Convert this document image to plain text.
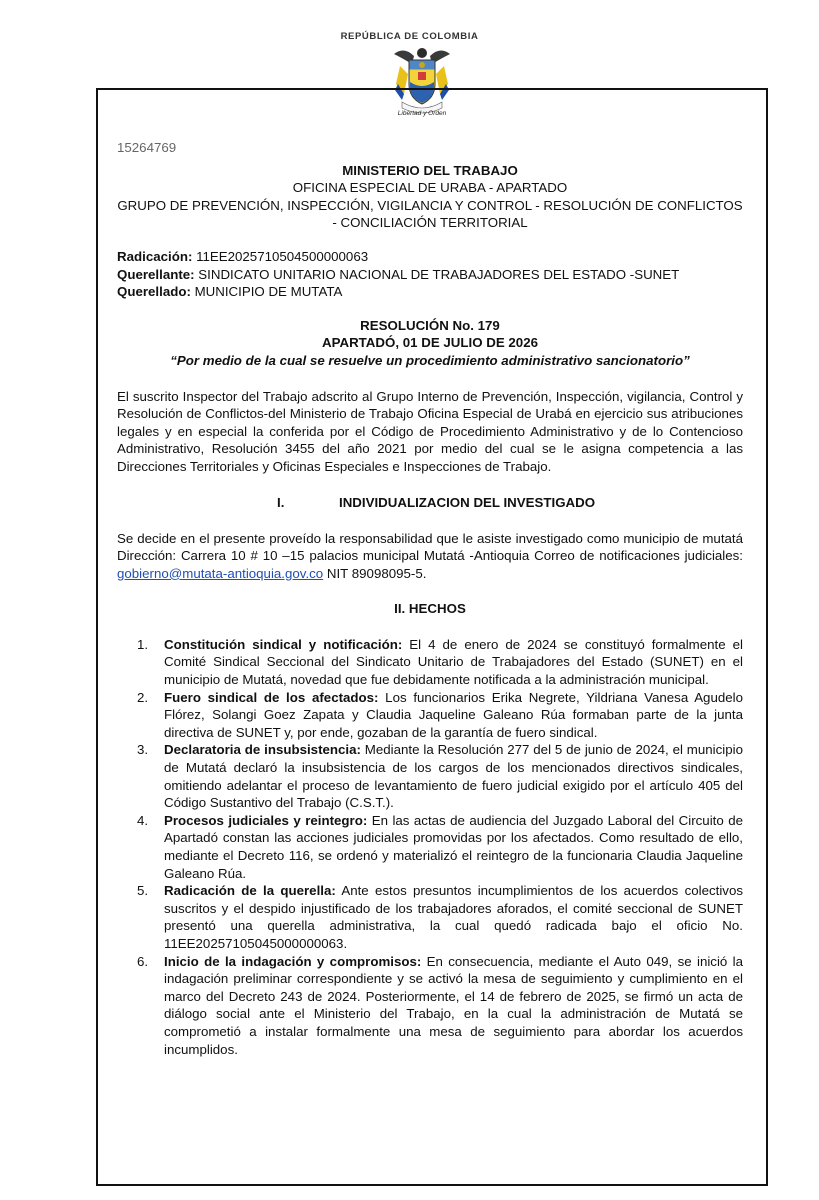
REPÚBLICA DE COLOMBIA
Libertad y Orden

15264769

MINISTERIO DEL TRABAJO

OFICINA ESPECIAL DE URABA - APARTADO

GRUPO DE PREVENCIÓN, INSPECCIÓN, VIGILANCIA Y CONTROL - RESOLUCIÓN DE CONFLICTOS - CONCILIACIÓN TERRITORIAL

Radicación: 11EE2025710504500000063

Querellante: SINDICATO UNITARIO NACIONAL DE TRABAJADORES DEL ESTADO -SUNET

Querellado: MUNICIPIO DE MUTATA

RESOLUCIÓN No. 179

APARTADÓ, 01 DE JULIO DE 2026

“Por medio de la cual se resuelve un procedimiento administrativo sancionatorio”

El suscrito Inspector del Trabajo adscrito al Grupo Interno de Prevención, Inspección, vigilancia, Control y Resolución de Conflictos-del Ministerio de Trabajo Oficina Especial de Urabá en ejercicio sus atribuciones legales y en especial la conferida por el Código de Procedimiento Administrativo y de lo Contencioso Administrativo, Resolución 3455 del año 2021 por medio del cual se le asigna competencia a las Direcciones Territoriales y Oficinas Especiales e Inspecciones de Trabajo.

I.	INDIVIDUALIZACION DEL INVESTIGADO

Se decide en el presente proveído la responsabilidad que le asiste investigado como municipio de mutatá Dirección: Carrera 10 # 10 –15 palacios municipal Mutatá -Antioquia Correo de notificaciones judiciales: gobierno@mutata-antioquia.gov.co NIT 89098095-5.

II. HECHOS

1. Constitución sindical y notificación: El 4 de enero de 2024 se constituyó formalmente el Comité Sindical Seccional del Sindicato Unitario de Trabajadores del Estado (SUNET) en el municipio de Mutatá, novedad que fue debidamente notificada a la administración municipal.
2. Fuero sindical de los afectados: Los funcionarios Erika Negrete, Yildriana Vanesa Agudelo Flórez, Solangi Goez Zapata y Claudia Jaqueline Galeano Rúa formaban parte de la junta directiva de SUNET y, por ende, gozaban de la garantía de fuero sindical.
3. Declaratoria de insubsistencia: Mediante la Resolución 277 del 5 de junio de 2024, el municipio de Mutatá declaró la insubsistencia de los cargos de los mencionados directivos sindicales, omitiendo adelantar el proceso de levantamiento de fuero judicial exigido por el artículo 405 del Código Sustantivo del Trabajo (C.S.T.).
4. Procesos judiciales y reintegro: En las actas de audiencia del Juzgado Laboral del Circuito de Apartadó constan las acciones judiciales promovidas por los afectados. Como resultado de ello, mediante el Decreto 116, se ordenó y materializó el reintegro de la funcionaria Claudia Jaqueline Galeano Rúa.
5. Radicación de la querella: Ante estos presuntos incumplimientos de los acuerdos colectivos suscritos y el despido injustificado de los trabajadores aforados, el comité seccional de SUNET presentó una querella administrativa, la cual quedó radicada bajo el oficio No. 11EE20257105045000000063.
6. Inicio de la indagación y compromisos: En consecuencia, mediante el Auto 049, se inició la indagación preliminar correspondiente y se activó la mesa de seguimiento y cumplimiento en el marco del Decreto 243 de 2024. Posteriormente, el 14 de febrero de 2025, se firmó un acta de diálogo social ante el Ministerio del Trabajo, en la cual la administración de Mutatá se comprometió a instalar formalmente una mesa de seguimiento para abordar los acuerdos incumplidos.
